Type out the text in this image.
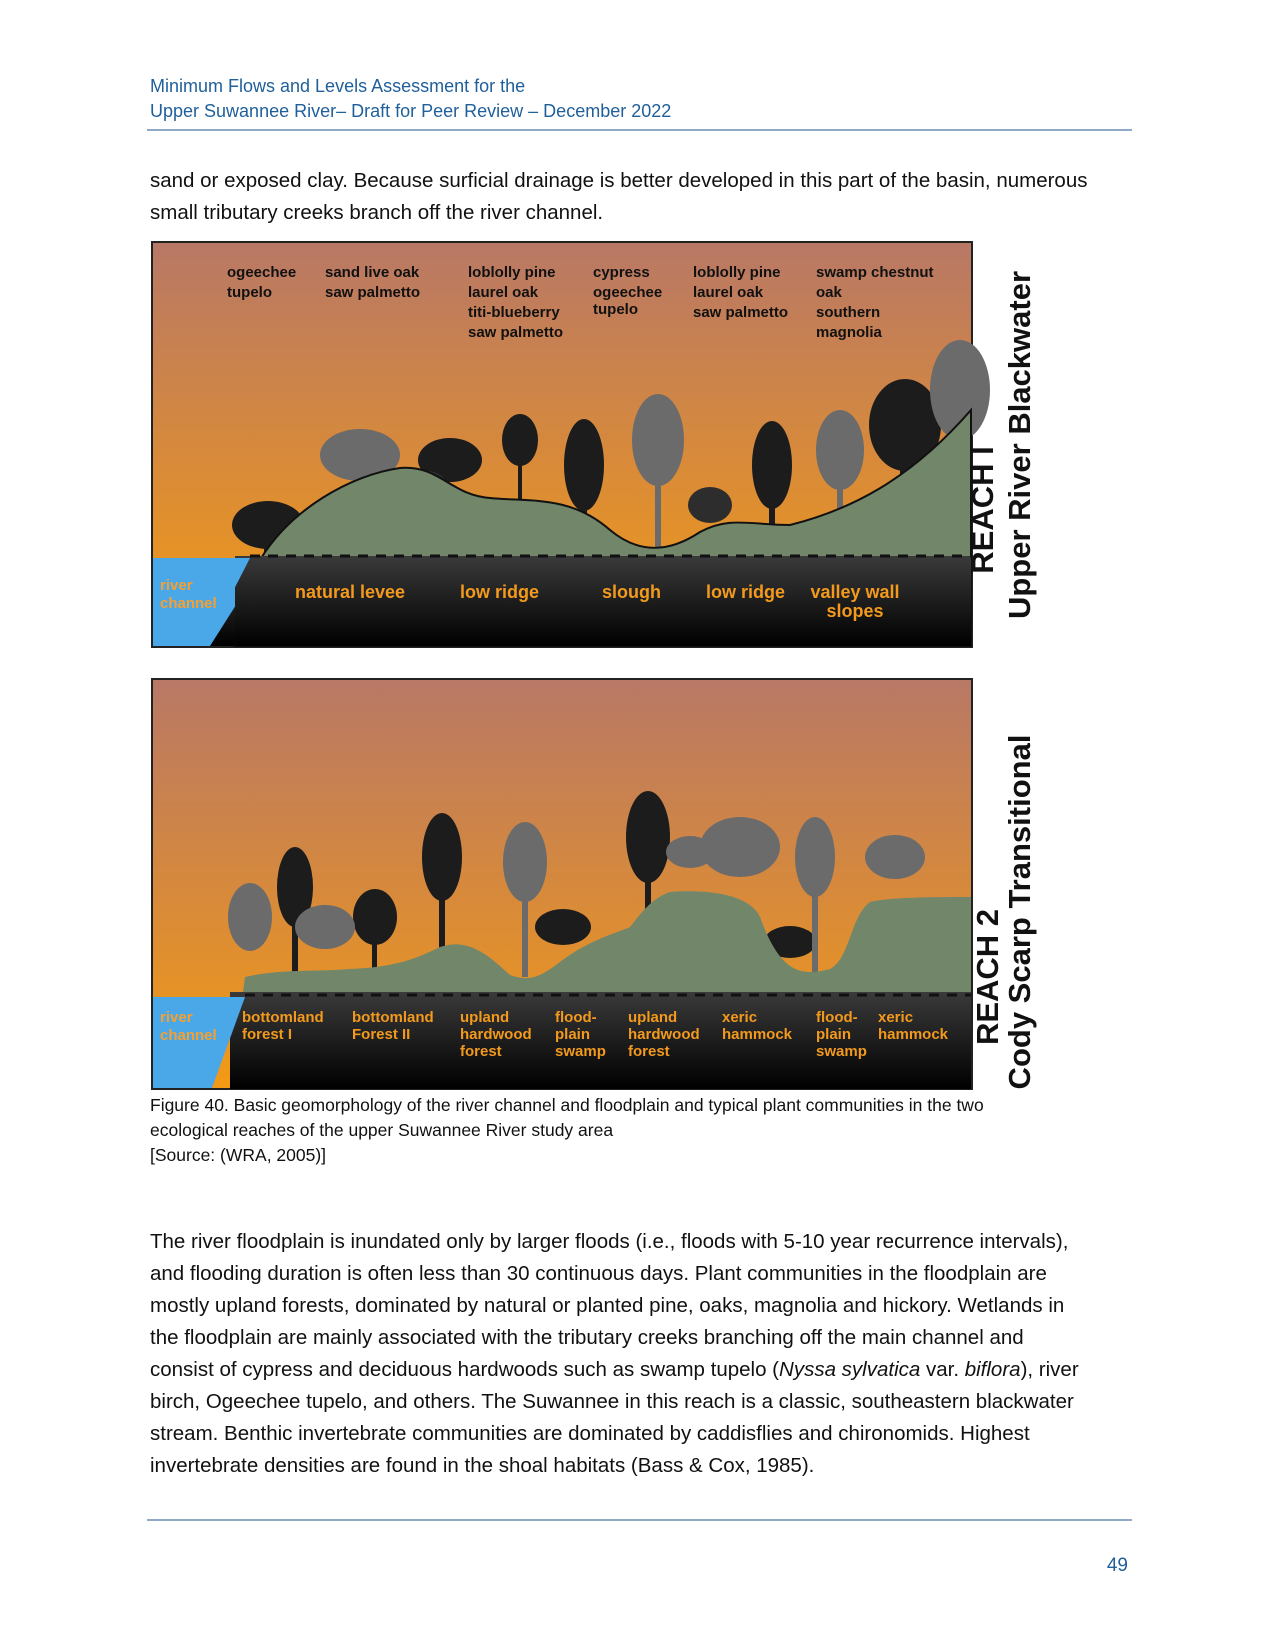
Minimum Flows and Levels Assessment for the
Upper Suwannee River– Draft for Peer Review – December 2022

sand or exposed clay. Because surficial drainage is better developed in this part of the basin, numerous

small tributary creeks branch off the river channel.

ogeechee tupelo
sand live oak saw palmetto
loblolly pine laurel oak titi-blueberry saw palmetto
cypress ogeechee tupelo
loblolly pine laurel oak saw palmetto
swamp chestnut oak southern magnolia
river channel
natural levee	low ridge	slough	low ridge valley wall slopes
REACH I Upper River Blackwater
river channel
bottomland forest I
bottomland Forest II
upland hardwood forest
flood-plain swamp
upland hardwood forest
xeric hammock
flood-plain swamp
xeric hammock REACH 2
Cody Scarp Transitional
Figure 40. Basic geomorphology of the river channel and floodplain and typical plant communities in the two
ecological reaches of the upper Suwannee River study area
[Source: (WRA, 2005)]

The river floodplain is inundated only by larger floods (i.e., floods with 5-10 year recurrence intervals),

and flooding duration is often less than 30 continuous days. Plant communities in the floodplain are

mostly upland forests, dominated by natural or planted pine, oaks, magnolia and hickory. Wetlands in

the floodplain are mainly associated with the tributary creeks branching off the main channel and

consist of cypress and deciduous hardwoods such as swamp tupelo (Nyssa sylvatica var. biflora), river

birch, Ogeechee tupelo, and others. The Suwannee in this reach is a classic, southeastern blackwater

stream. Benthic invertebrate communities are dominated by caddisflies and chironomids. Highest

invertebrate densities are found in the shoal habitats (Bass & Cox, 1985).

49
